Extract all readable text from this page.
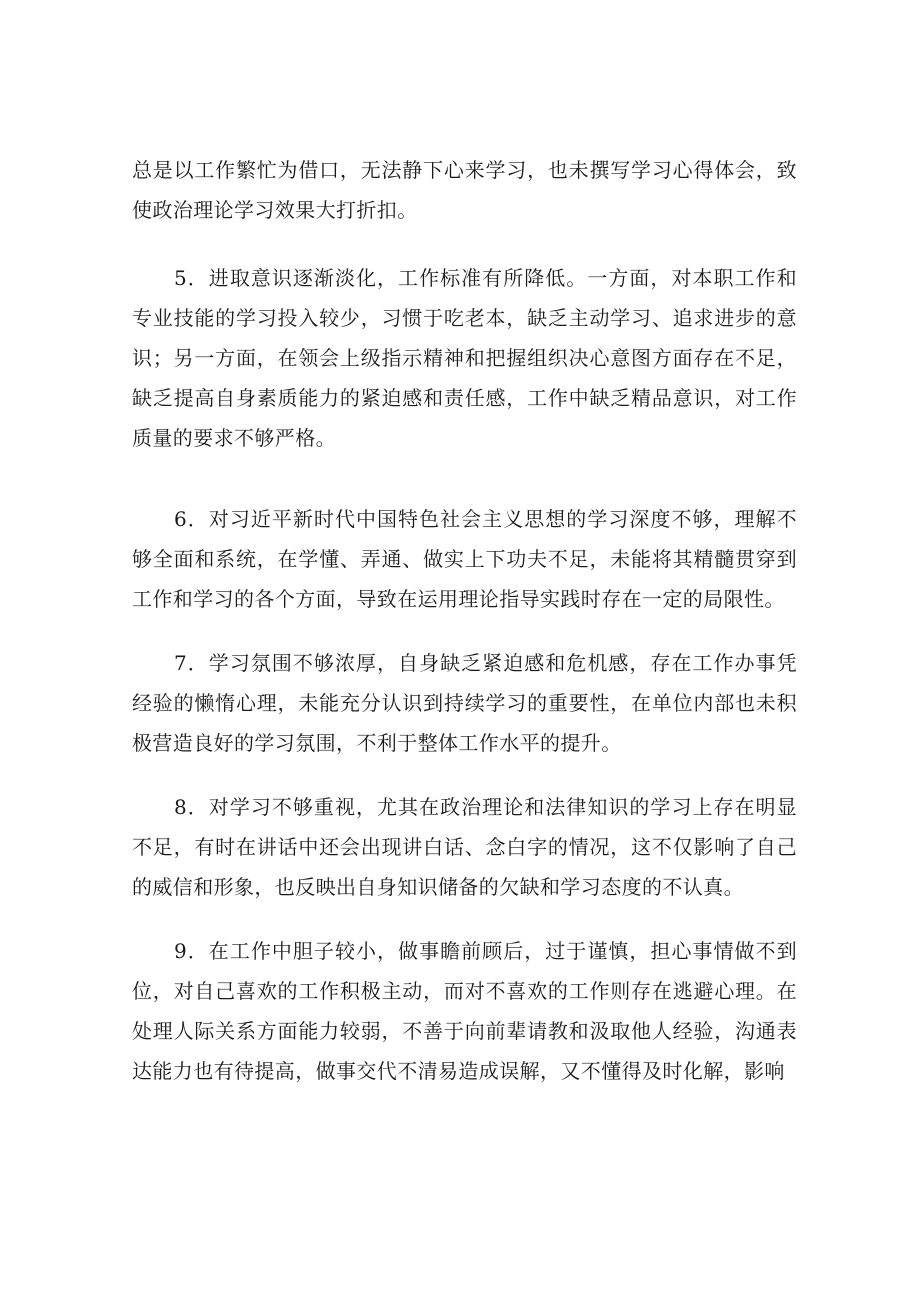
总是以工作繁忙为借口，无法静下心来学习，也未撰写学习心得体会，致使政治理论学习效果大打折扣。

5．进取意识逐渐淡化，工作标准有所降低。一方面，对本职工作和专业技能的学习投入较少，习惯于吃老本，缺乏主动学习、追求进步的意识；另一方面，在领会上级指示精神和把握组织决心意图方面存在不足，缺乏提高自身素质能力的紧迫感和责任感，工作中缺乏精品意识，对工作质量的要求不够严格。

6．对习近平新时代中国特色社会主义思想的学习深度不够，理解不够全面和系统，在学懂、弄通、做实上下功夫不足，未能将其精髓贯穿到工作和学习的各个方面，导致在运用理论指导实践时存在一定的局限性。

7．学习氛围不够浓厚，自身缺乏紧迫感和危机感，存在工作办事凭经验的懒惰心理，未能充分认识到持续学习的重要性，在单位内部也未积极营造良好的学习氛围，不利于整体工作水平的提升。

8．对学习不够重视，尤其在政治理论和法律知识的学习上存在明显不足，有时在讲话中还会出现讲白话、念白字的情况，这不仅影响了自己的威信和形象，也反映出自身知识储备的欠缺和学习态度的不认真。

9．在工作中胆子较小，做事瞻前顾后，过于谨慎，担心事情做不到位，对自己喜欢的工作积极主动，而对不喜欢的工作则存在逃避心理。在处理人际关系方面能力较弱，不善于向前辈请教和汲取他人经验，沟通表达能力也有待提高，做事交代不清易造成误解，又不懂得及时化解，影响
